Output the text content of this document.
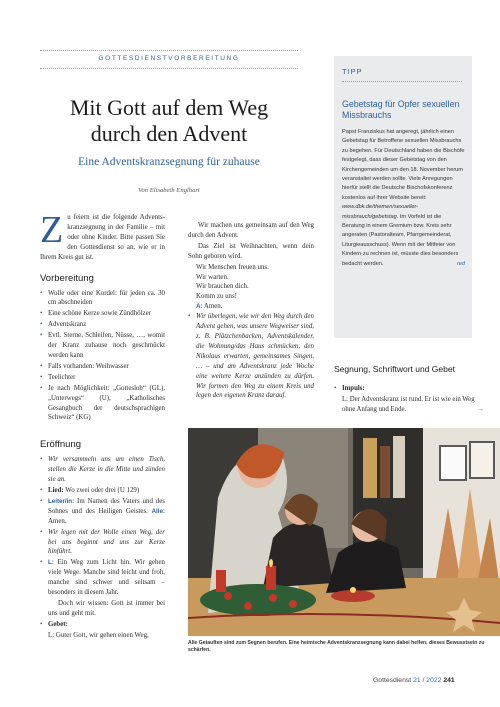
GOTTESDIENSTVORBEREITUNG
Mit Gott auf dem Weg
durch den Advent
Eine Adventskranzsegnung für zuhause
Von Elisabeth Englhart

Zu feiern ist die folgende Adventskranzsegnung in der Familie – mit oder ohne Kinder. Bitte passen Sie den Gottesdienst so an, wie er in Ihrem Kreis gut ist.

Vorbereitung
• Wolle oder eine Kordel: für jeden ca. 30 cm abschneiden
• Eine schöne Kerze sowie Zündhölzer
• Adventskranz
• Evtl. Sterne, Schleifen, Nüsse, …, womit der Kranz zuhause noch geschmückt werden kann
• Falls vorhanden: Weihwasser
• Teelichter
• Je nach Möglichkeit: „Gotteslob“ (GL), „Unterwegs“ (U), „Katholisches Gesangbuch der deutschsprachigen Schweiz“ (KG)
Eröffnung
• Wir versammeln uns um einen Tisch, stellen die Kerze in die Mitte und zünden sie an.
• Lied: Wo zwei oder drei (U 129)
• Leiter/in: Im Namen des Vaters und des Sohnes und des Heiligen Geistes. Alle: Amen.
• Wir legen mit der Wolle einen Weg, der bei uns beginnt und uns zur Kerze hinführt.
• L: Ein Weg zum Licht hin. Wir gehen viele Wege. Manche sind leicht und froh, manche sind schwer und seltsam – besonders in diesem Jahr.

Doch wir wissen: Gott ist immer bei uns und geht mit.

• Gebet:
L: Guter Gott, wir gehen einen Weg,

Wir machen uns gemeinsam auf den Weg durch den Advent.

Das Ziel ist Weihnachten, wenn dein Sohn geboren wird.

Wir Menschen freuen uns.
Wir warten.
Wir brauchen dich.
Komm zu uns!
A: Amen.
• Wir überlegen, wie wir den Weg durch den Advent gehen, was unsere Wegweiser sind, z. B. Plätzchenbacken, Adventskalender, die Wohnung/das Haus schmücken, den Nikolaus erwarten, gemeinsames Singen, … – und am Adventskranz jede Woche eine weitere Kerze anzünden zu dürfen. Wir formen den Weg zu einem Kreis und legen den eigenen Kranz darauf.
TIPP
Gebetstag für Opfer sexuellen Missbrauchs
Papst Franziskus hat angeregt, jährlich einen Gebetstag für Betroffene sexuellen Missbrauchs zu begehen. Für Deutschland haben die Bischöfe festgelegt, dass dieser Gebetstag von den Kirchengemeinden um den 18. November herum veranstaltet werden sollte. Viele Anregungen hierfür stellt die Deutsche Bischofskonferenz kostenlos auf ihrer Website bereit: www.dbk.de/themen/sexueller-missbrauch/gebetstag. Im Vorfeld ist die Beratung in einem Gremium bzw. Kreis sehr angeraten (Pastoralteam, Pfarrgemeinderat, Liturgieausschuss). Wenn mit der Mitfeier von Kindern zu rechnen ist, müsste dies besonders bedacht werden.	red
Segnung, Schriftwort und Gebet
• Impuls:
L: Der Adventskranz ist rund. Er ist wie ein Weg ohne Anfang und Ende.	→
Alle Getauften sind zum Segnen berufen. Eine heimische Adventskranzsegnung kann dabei helfen, dieses Bewusstsein zu schärfen.
Gottesdienst 21 / 2022 241
